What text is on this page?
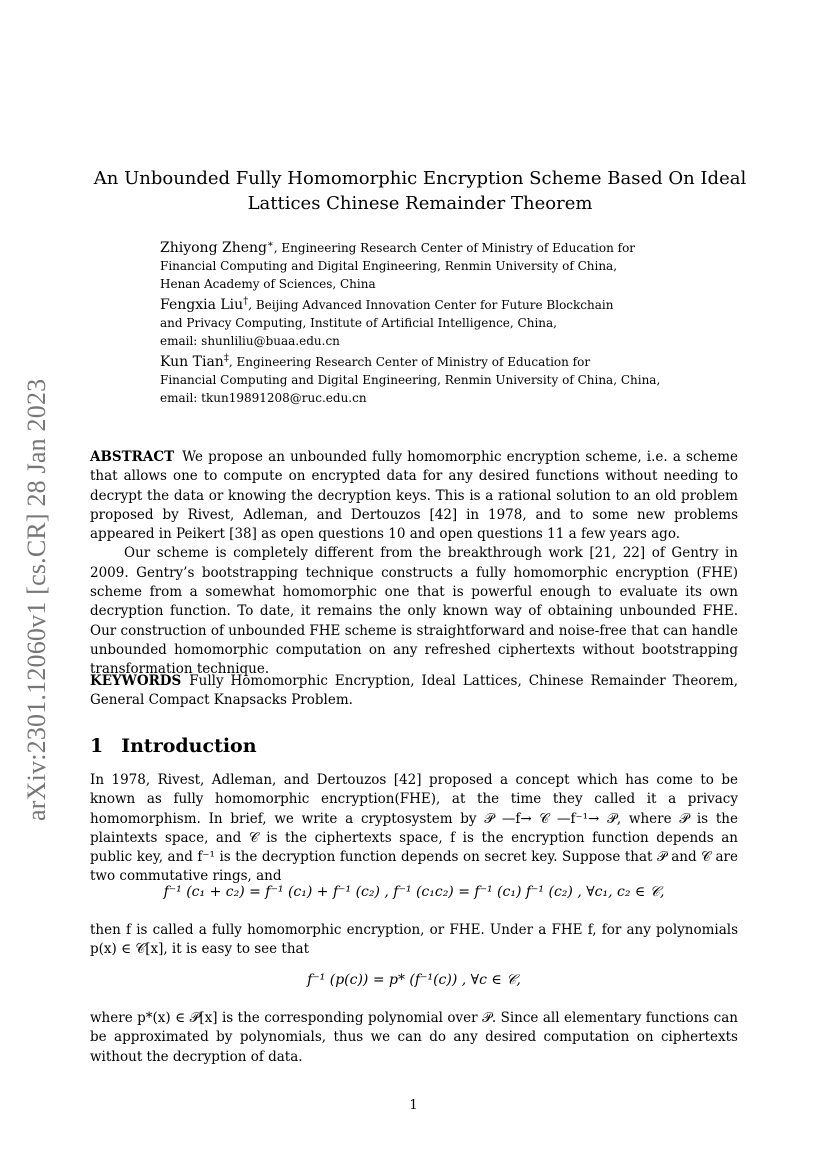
arXiv:2301.12060v1 [cs.CR] 28 Jan 2023
An Unbounded Fully Homomorphic Encryption Scheme Based On Ideal
Lattices Chinese Remainder Theorem
Zhiyong Zheng∗, Engineering Research Center of Ministry of Education for
Financial Computing and Digital Engineering, Renmin University of China,
Henan Academy of Sciences, China
Fengxia Liu†, Beijing Advanced Innovation Center for Future Blockchain
and Privacy Computing, Institute of Artificial Intelligence, China,
email: shunliliu@buaa.edu.cn
Kun Tian‡, Engineering Research Center of Ministry of Education for
Financial Computing and Digital Engineering, Renmin University of China, China,
email: tkun19891208@ruc.edu.cn

ABSTRACT We propose an unbounded fully homomorphic encryption scheme, i.e. a scheme that allows one to compute on encrypted data for any desired functions without needing to decrypt the data or knowing the decryption keys. This is a rational solution to an old problem proposed by Rivest, Adleman, and Dertouzos [42] in 1978, and to some new problems appeared in Peikert [38] as open questions 10 and open questions 11 a few years ago.

Our scheme is completely different from the breakthrough work [21, 22] of Gentry in 2009. Gentry’s bootstrapping technique constructs a fully homomorphic encryption (FHE) scheme from a somewhat homomorphic one that is powerful enough to evaluate its own decryption function. To date, it remains the only known way of obtaining unbounded FHE. Our construction of unbounded FHE scheme is straightforward and noise-free that can handle unbounded homomorphic computation on any refreshed ciphertexts without bootstrapping transformation technique.

KEYWORDS Fully Homomorphic Encryption, Ideal Lattices, Chinese Remainder Theorem, General Compact Knapsacks Problem.
1 Introduction
In 1978, Rivest, Adleman, and Dertouzos [42] proposed a concept which has come to be known as fully homomorphic encryption(FHE), at the time they called it a privacy homomorphism. In brief, we write a cryptosystem by 𝒫 —f→ 𝒞 —f⁻¹→ 𝒫, where 𝒫 is the plaintexts space, and 𝒞 is the ciphertexts space, f is the encryption function depends an public key, and f⁻¹ is the decryption function depends on secret key. Suppose that 𝒫 and 𝒞 are two commutative rings, and
f⁻¹ (c₁ + c₂) = f⁻¹ (c₁) + f⁻¹ (c₂) , f⁻¹ (c₁c₂) = f⁻¹ (c₁) f⁻¹ (c₂) , ∀c₁, c₂ ∈ 𝒞,
then f is called a fully homomorphic encryption, or FHE. Under a FHE f, for any polynomials p(x) ∈ 𝒞[x], it is easy to see that
f⁻¹ (p(c)) = p* (f⁻¹(c)) , ∀c ∈ 𝒞,
where p*(x) ∈ 𝒫[x] is the corresponding polynomial over 𝒫. Since all elementary functions can be approximated by polynomials, thus we can do any desired computation on ciphertexts without the decryption of data.
1
